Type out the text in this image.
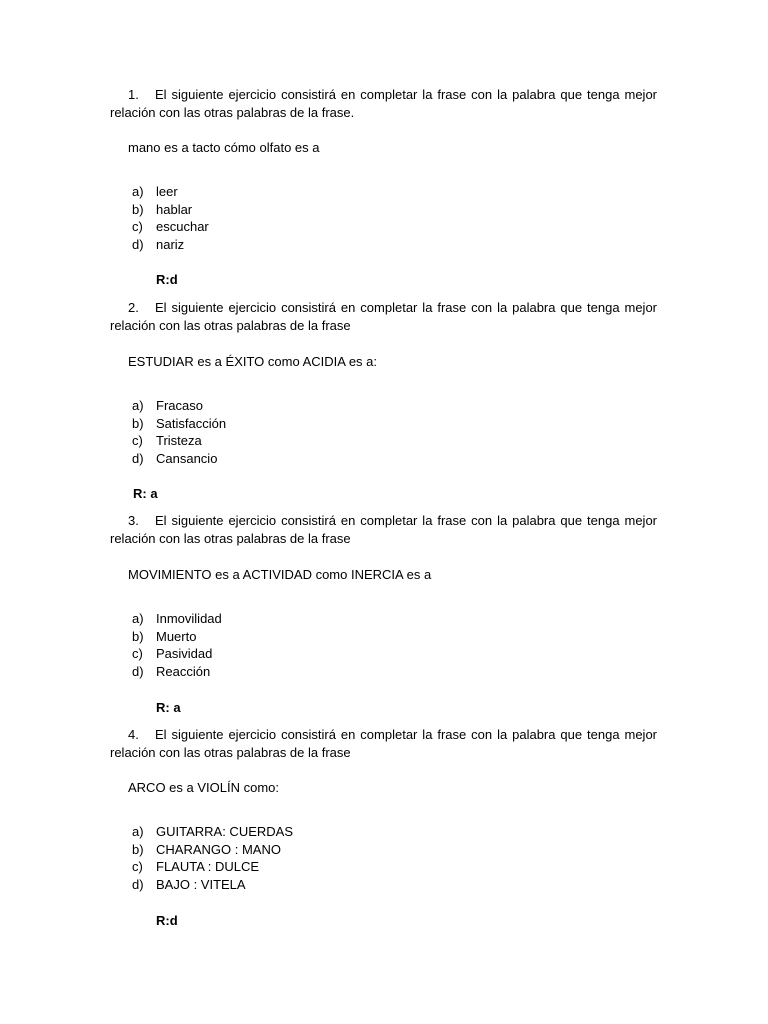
1. El siguiente ejercicio consistirá en completar la frase con la palabra que tenga mejor
relación con las otras palabras de la frase.
mano es a tacto cómo olfato es a
a) leer
b) hablar
c) escuchar
d) nariz
R:d
2. El siguiente ejercicio consistirá en completar la frase con la palabra que tenga mejor
relación con las otras palabras de la frase
ESTUDIAR es a ÉXITO como ACIDIA es a:
a) Fracaso
b) Satisfacción
c) Tristeza
d) Cansancio
R: a
3. El siguiente ejercicio consistirá en completar la frase con la palabra que tenga mejor
relación con las otras palabras de la frase
MOVIMIENTO es a ACTIVIDAD como INERCIA es a
a) Inmovilidad
b) Muerto
c) Pasividad
d) Reacción
R: a
4. El siguiente ejercicio consistirá en completar la frase con la palabra que tenga mejor
relación con las otras palabras de la frase
ARCO es a VIOLÍN como:
a) GUITARRA: CUERDAS
b) CHARANGO : MANO
c) FLAUTA : DULCE
d) BAJO : VITELA
R:d
